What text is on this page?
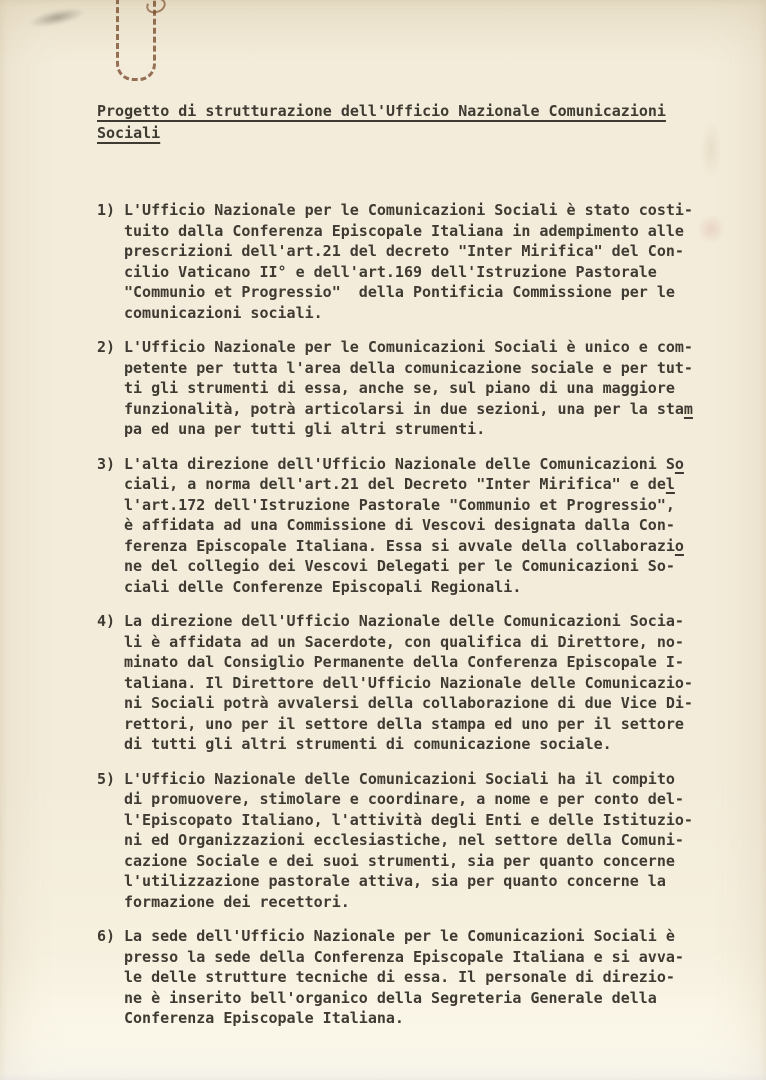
Progetto di strutturazione dell'Ufficio Nazionale Comunicazioni
Sociali
1) L'Ufficio Nazionale per le Comunicazioni Sociali è stato costi-
tuito dalla Conferenza Episcopale Italiana in adempimento alle
prescrizioni dell'art.21 del decreto "Inter Mirifica" del Con-
cilio Vaticano II° e dell'art.169 dell'Istruzione Pastorale
"Communio et Progressio"  della Pontificia Commissione per le
comunicazioni sociali.
2) L'Ufficio Nazionale per le Comunicazioni Sociali è unico e com-
petente per tutta l'area della comunicazione sociale e per tut-
ti gli strumenti di essa, anche se, sul piano di una maggiore
funzionalità, potrà articolarsi in due sezioni, una per la stam
pa ed una per tutti gli altri strumenti.
3) L'alta direzione dell'Ufficio Nazionale delle Comunicazioni So
ciali, a norma dell'art.21 del Decreto "Inter Mirifica" e del
l'art.172 dell'Istruzione Pastorale "Communio et Progressio",
è affidata ad una Commissione di Vescovi designata dalla Con-
ferenza Episcopale Italiana. Essa si avvale della collaborazio
ne del collegio dei Vescovi Delegati per le Comunicazioni So-
ciali delle Conferenze Episcopali Regionali.
4) La direzione dell'Ufficio Nazionale delle Comunicazioni Socia-
li è affidata ad un Sacerdote, con qualifica di Direttore, no-
minato dal Consiglio Permanente della Conferenza Episcopale I-
taliana. Il Direttore dell'Ufficio Nazionale delle Comunicazio-
ni Sociali potrà avvalersi della collaborazione di due Vice Di-
rettori, uno per il settore della stampa ed uno per il settore
di tutti gli altri strumenti di comunicazione sociale.
5) L'Ufficio Nazionale delle Comunicazioni Sociali ha il compito
di promuovere, stimolare e coordinare, a nome e per conto del-
l'Episcopato Italiano, l'attività degli Enti e delle Istituzio-
ni ed Organizzazioni ecclesiastiche, nel settore della Comuni-
cazione Sociale e dei suoi strumenti, sia per quanto concerne
l'utilizzazione pastorale attiva, sia per quanto concerne la
formazione dei recettori.
6) La sede dell'Ufficio Nazionale per le Comunicazioni Sociali è
presso la sede della Conferenza Episcopale Italiana e si avva-
le delle strutture tecniche di essa. Il personale di direzio-
ne è inserito bell'organico della Segreteria Generale della
Conferenza Episcopale Italiana.
